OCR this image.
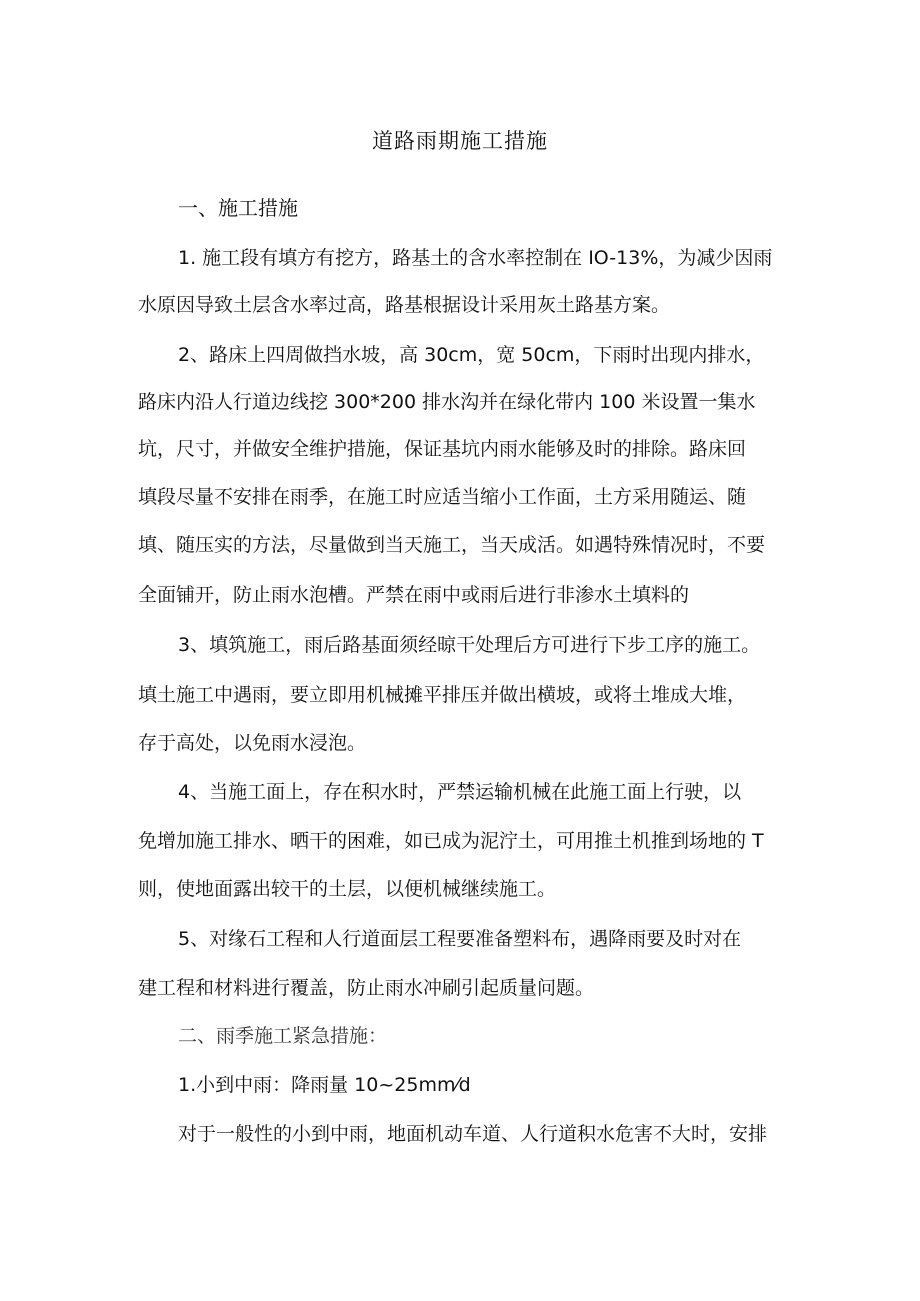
道路雨期施工措施
一、施工措施
1. 施工段有填方有挖方，路基土的含水率控制在 IO-13%，为减少因雨
水原因导致土层含水率过高，路基根据设计采用灰土路基方案。
2、路床上四周做挡水坡，高 30cm，宽 50cm，下雨时出现内排水，
路床内沿人行道边线挖 300*200 排水沟并在绿化带内 100 米设置一集水
坑，尺寸，并做安全维护措施，保证基坑内雨水能够及时的排除。路床回
填段尽量不安排在雨季，在施工时应适当缩小工作面，土方采用随运、随
填、随压实的方法，尽量做到当天施工，当天成活。如遇特殊情况时，不要
全面铺开，防止雨水泡槽。严禁在雨中或雨后进行非渗水土填料的
3、填筑施工，雨后路基面须经晾干处理后方可进行下步工序的施工。
填土施工中遇雨，要立即用机械摊平排压并做出横坡，或将土堆成大堆，
存于高处，以免雨水浸泡。
4、当施工面上，存在积水时，严禁运输机械在此施工面上行驶，以
免增加施工排水、晒干的困难，如已成为泥泞土，可用推土机推到场地的 T
则，使地面露出较干的土层，以便机械继续施工。
5、对缘石工程和人行道面层工程要准备塑料布，遇降雨要及时对在
建工程和材料进行覆盖，防止雨水冲刷引起质量问题。
二、雨季施工紧急措施：
1.小到中雨：降雨量 10~25mm⁄d
对于一般性的小到中雨，地面机动车道、人行道积水危害不大时，安排
